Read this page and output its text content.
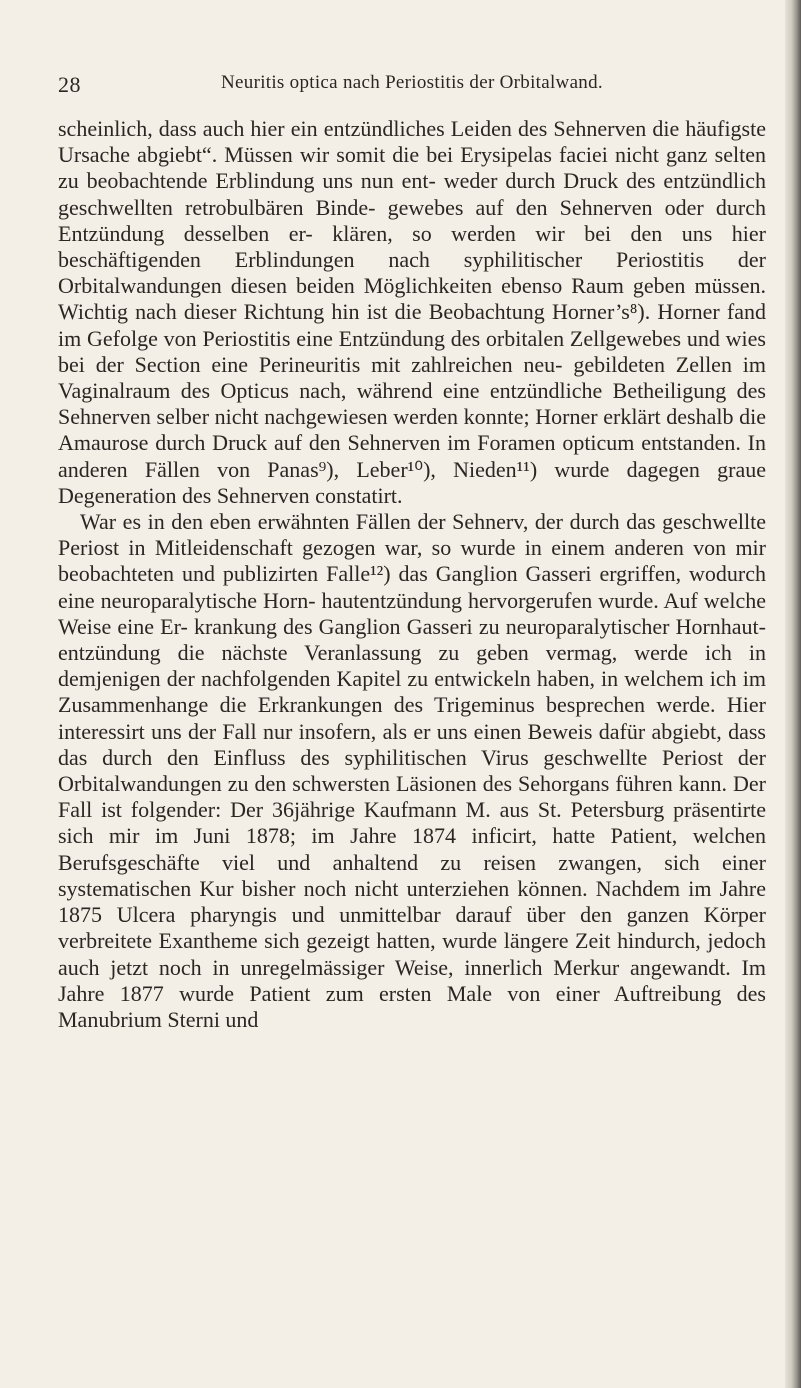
28	Neuritis optica nach Periostitis der Orbitalwand.

scheinlich, dass auch hier ein entzündliches Leiden des Sehnerven die häufigste Ursache abgiebt“. Müssen wir somit die bei Erysipelas faciei nicht ganz selten zu beobachtende Erblindung uns nun ent- weder durch Druck des entzündlich geschwellten retrobulbären Binde- gewebes auf den Sehnerven oder durch Entzündung desselben er- klären, so werden wir bei den uns hier beschäftigenden Erblindungen nach syphilitischer Periostitis der Orbitalwandungen diesen beiden Möglichkeiten ebenso Raum geben müssen. Wichtig nach dieser Richtung hin ist die Beobachtung Horner’s⁸). Horner fand im Gefolge von Periostitis eine Entzündung des orbitalen Zellgewebes und wies bei der Section eine Perineuritis mit zahlreichen neu- gebildeten Zellen im Vaginalraum des Opticus nach, während eine entzündliche Betheiligung des Sehnerven selber nicht nachgewiesen werden konnte; Horner erklärt deshalb die Amaurose durch Druck auf den Sehnerven im Foramen opticum entstanden. In anderen Fällen von Panas⁹), Leber¹⁰), Nieden¹¹) wurde dagegen graue Degeneration des Sehnerven constatirt.

War es in den eben erwähnten Fällen der Sehnerv, der durch das geschwellte Periost in Mitleidenschaft gezogen war, so wurde in einem anderen von mir beobachteten und publizirten Falle¹²) das Ganglion Gasseri ergriffen, wodurch eine neuroparalytische Horn- hautentzündung hervorgerufen wurde. Auf welche Weise eine Er- krankung des Ganglion Gasseri zu neuroparalytischer Hornhaut- entzündung die nächste Veranlassung zu geben vermag, werde ich in demjenigen der nachfolgenden Kapitel zu entwickeln haben, in welchem ich im Zusammenhange die Erkrankungen des Trigeminus besprechen werde. Hier interessirt uns der Fall nur insofern, als er uns einen Beweis dafür abgiebt, dass das durch den Einfluss des syphilitischen Virus geschwellte Periost der Orbitalwandungen zu den schwersten Läsionen des Sehorgans führen kann. Der Fall ist folgender: Der 36jährige Kaufmann M. aus St. Petersburg präsentirte sich mir im Juni 1878; im Jahre 1874 inficirt, hatte Patient, welchen Berufsgeschäfte viel und anhaltend zu reisen zwangen, sich einer systematischen Kur bisher noch nicht unterziehen können. Nachdem im Jahre 1875 Ulcera pharyngis und unmittelbar darauf über den ganzen Körper verbreitete Exantheme sich gezeigt hatten, wurde längere Zeit hindurch, jedoch auch jetzt noch in unregelmässiger Weise, innerlich Merkur angewandt. Im Jahre 1877 wurde Patient zum ersten Male von einer Auftreibung des Manubrium Sterni und
